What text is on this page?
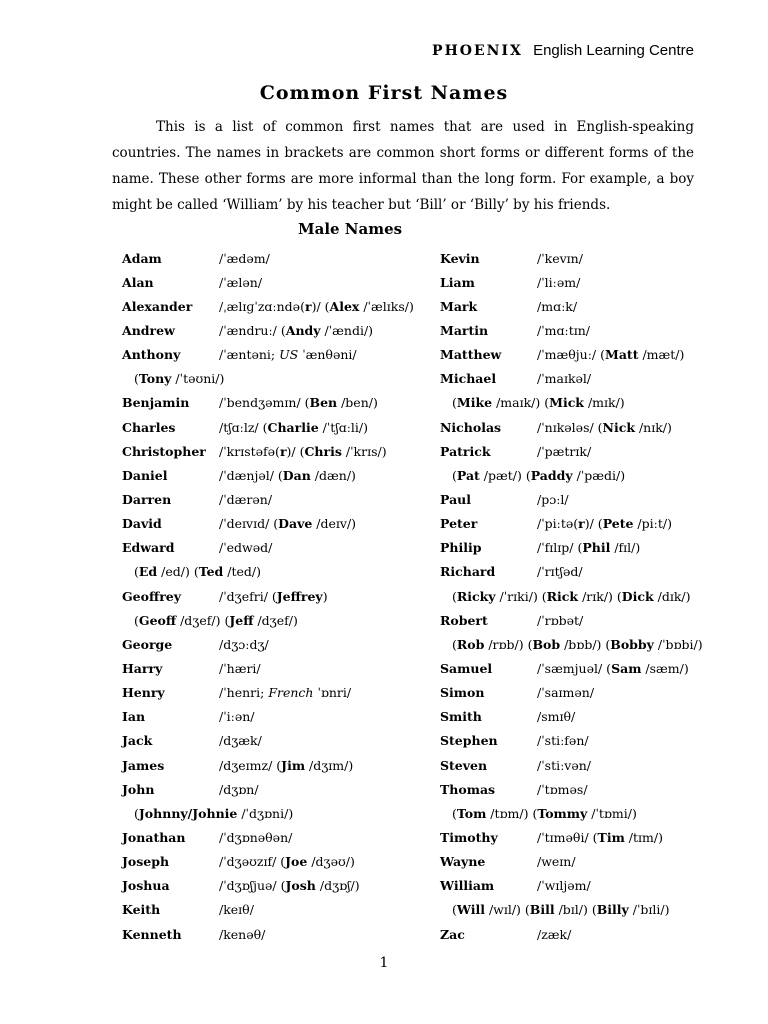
PHOENIX English Learning Centre
Common First Names
This is a list of common first names that are used in English-speaking countries. The names in brackets are common short forms or different forms of the name. These other forms are more informal than the long form. For example, a boy might be called ‘William’ by his teacher but ‘Bill’ or ‘Billy’ by his friends.
Male Names
Adam	/ˈædəm/
Alan	/ˈælən/
Alexander	/ˌælɪɡˈzɑːndə(r)/ (Alex /ˈælɪks/)
Andrew	/ˈændruː/ (Andy /ˈændi/)
Anthony	/ˈæntəni; US ˈænθəni/
(Tony /ˈtəʊni/)
Benjamin	/ˈbendʒəmɪn/ (Ben /ben/)
Charles	/tʃɑːlz/ (Charlie /ˈtʃɑːli/)
Christopher	/ˈkrɪstəfə(r)/ (Chris /ˈkrɪs/)
Daniel	/ˈdænjəl/ (Dan /dæn/)
Darren	/ˈdærən/
David	/ˈdeɪvɪd/ (Dave /deɪv/)
Edward	/ˈedwəd/
(Ed /ed/) (Ted /ted/)
Geoffrey	/ˈdʒefri/ (Jeffrey)
(Geoff /dʒef/) (Jeff /dʒef/)
George	/dʒɔːdʒ/
Harry	/ˈhæri/
Henry	/ˈhenri; French ˈɒnri/
Ian	/ˈiːən/
Jack	/dʒæk/
James	/dʒeɪmz/ (Jim /dʒɪm/)
John	/dʒɒn/
(Johnny/Johnie /ˈdʒɒni/)
Jonathan	/ˈdʒɒnəθən/
Joseph	/ˈdʒəʊzɪf/ (Joe /dʒəʊ/)
Joshua	/ˈdʒɒʃjuə/ (Josh /dʒɒʃ/)
Keith	/keɪθ/
Kenneth	/kenəθ/
Kevin	/ˈkevɪn/
Liam	/ˈliːəm/
Mark	/mɑːk/
Martin	/ˈmɑːtɪn/
Matthew	/ˈmæθjuː/ (Matt /mæt/)
Michael	/ˈmaɪkəl/
(Mike /maɪk/) (Mick /mɪk/)
Nicholas	/ˈnɪkələs/ (Nick /nɪk/)
Patrick	/ˈpætrɪk/
(Pat /pæt/) (Paddy /ˈpædi/)
Paul	/pɔːl/
Peter	/ˈpiːtə(r)/ (Pete /piːt/)
Philip	/ˈfɪlɪp/ (Phil /fɪl/)
Richard	/ˈrɪtʃəd/
(Ricky /ˈrɪki/) (Rick /rɪk/) (Dick /dɪk/)
Robert	/ˈrɒbət/
(Rob /rɒb/) (Bob /bɒb/) (Bobby /ˈbɒbi/)
Samuel	/ˈsæmjuəl/ (Sam /sæm/)
Simon	/ˈsaɪmən/
Smith	/smɪθ/
Stephen	/ˈstiːfən/
Steven	/ˈstiːvən/
Thomas	/ˈtɒməs/
(Tom /tɒm/) (Tommy /ˈtɒmi/)
Timothy	/ˈtɪməθi/ (Tim /tɪm/)
Wayne	/weɪn/
William	/ˈwɪljəm/
(Will /wɪl/) (Bill /bɪl/) (Billy /ˈbɪli/)
Zac	/zæk/
1
